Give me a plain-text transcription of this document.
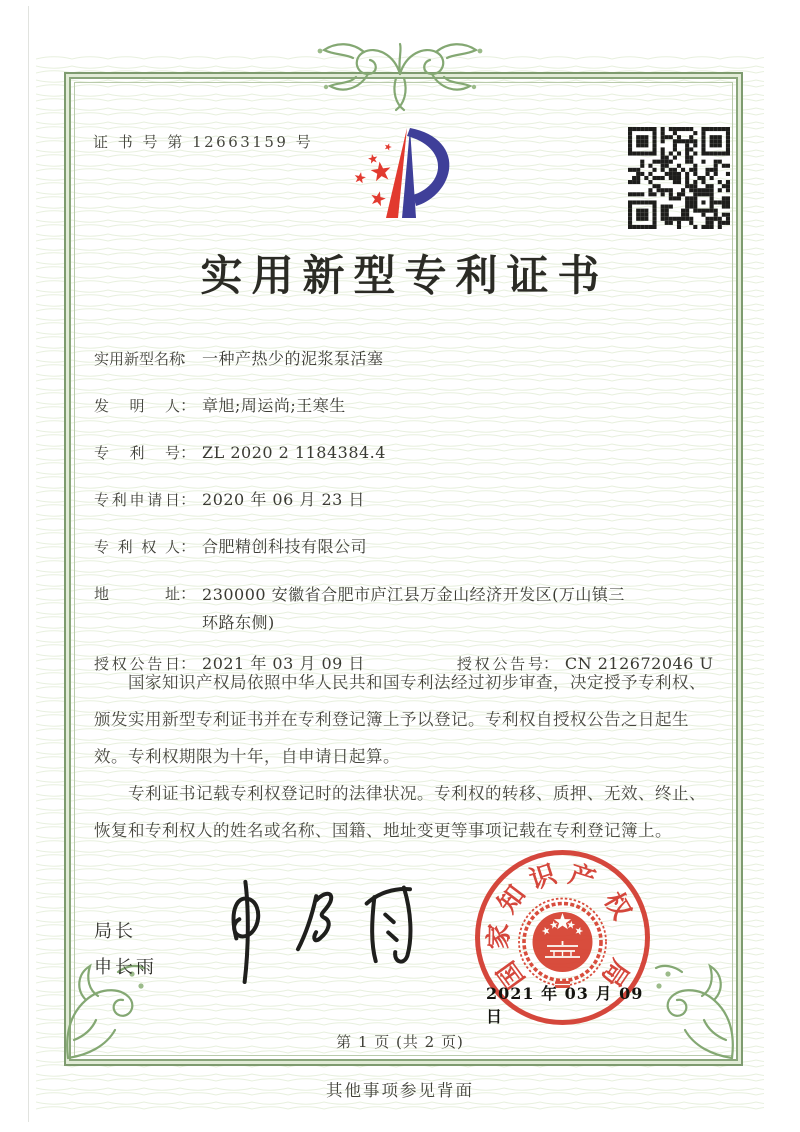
证 书 号 第 12663159 号
实用新型专利证书
实用新型名称： 一种产热少的泥浆泵活塞
发明人： 章旭;周运尚;王寒生
专利号： ZL 2020 2 1184384.4
专利申请日： 2020 年 06 月 23 日
专利权人： 合肥精创科技有限公司
地址： 230000 安徽省合肥市庐江县万金山经济开发区(万山镇三环路东侧)
授权公告日： 2021 年 03 月 09 日	授权公告号： CN 212672046 U

国家知识产权局依照中华人民共和国专利法经过初步审查，决定授予专利权、颁发实用新型专利证书并在专利登记簿上予以登记。专利权自授权公告之日起生效。专利权期限为十年，自申请日起算。

专利证书记载专利权登记时的法律状况。专利权的转移、质押、无效、终止、恢复和专利权人的姓名或名称、国籍、地址变更等事项记载在专利登记簿上。

局长
申长雨	国
家
知
识 产
权
局
2021 年 03 月 09 日
第 1 页 (共 2 页)
其他事项参见背面
